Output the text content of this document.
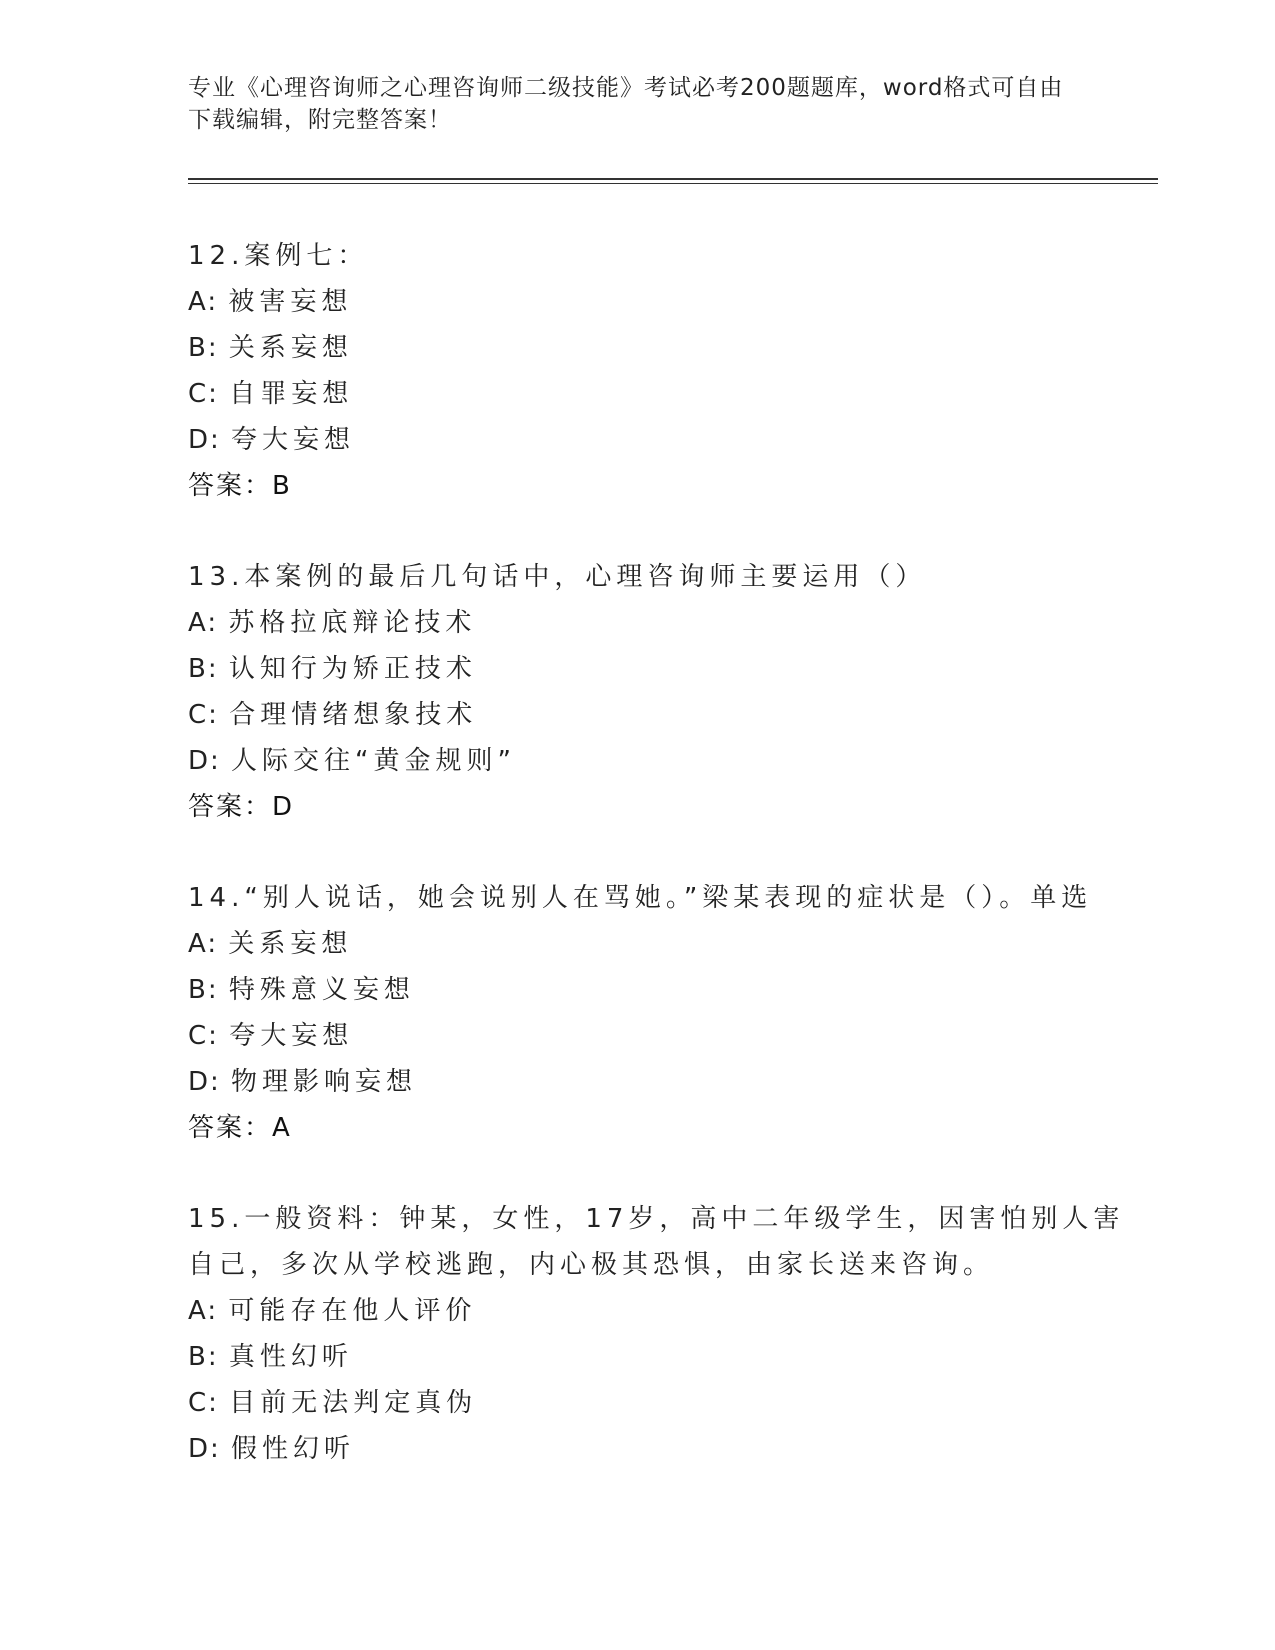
专业《心理咨询师之心理咨询师二级技能》考试必考200题题库，word格式可自由下载编辑，附完整答案！
12.案例七：
A: 被害妄想
B: 关系妄想
C: 自罪妄想
D: 夸大妄想
答案：B
13.本案例的最后几句话中，心理咨询师主要运用（）
A: 苏格拉底辩论技术
B: 认知行为矫正技术
C: 合理情绪想象技术
D: 人际交往“黄金规则”
答案：D
14.“别人说话，她会说别人在骂她。”梁某表现的症状是（）。单选
A: 关系妄想
B: 特殊意义妄想
C: 夸大妄想
D: 物理影响妄想
答案：A
15.一般资料：钟某，女性，17岁，高中二年级学生，因害怕别人害自己，多次从学校逃跑，内心极其恐惧，由家长送来咨询。
A: 可能存在他人评价
B: 真性幻听
C: 目前无法判定真伪
D: 假性幻听
